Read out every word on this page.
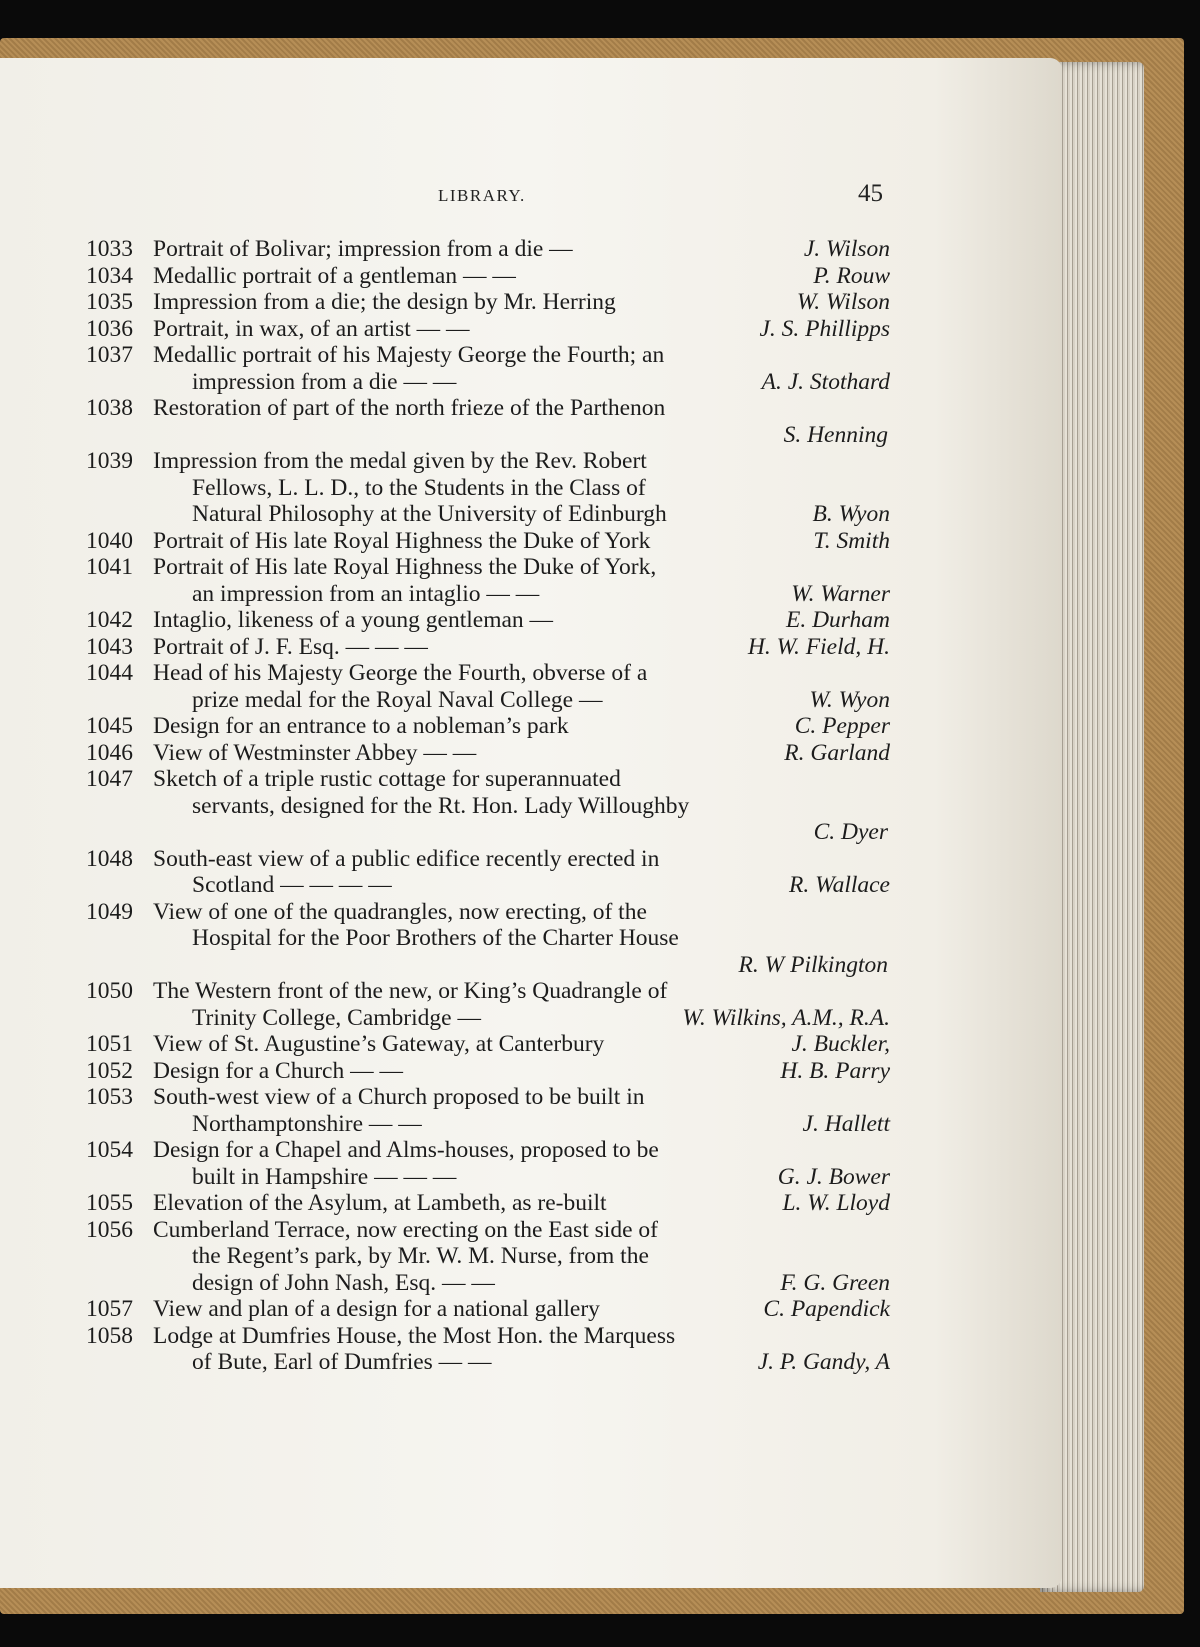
LIBRARY.	45
1033 Portrait of Bolivar; impression from a die —	J. Wilson
1034 Medallic portrait of a gentleman — —	P. Rouw
1035 Impression from a die; the design by Mr. Herring	W. Wilson
1036 Portrait, in wax, of an artist — —	J. S. Phillipps
1037 Medallic portrait of his Majesty George the Fourth; an
impression from a die — —	A. J. Stothard
1038 Restoration of part of the north frieze of the Parthenon
S. Henning
1039 Impression from the medal given by the Rev. Robert
Fellows, L. L. D., to the Students in the Class of
Natural Philosophy at the University of Edinburgh	B. Wyon
1040 Portrait of His late Royal Highness the Duke of York	T. Smith
1041 Portrait of His late Royal Highness the Duke of York,
an impression from an intaglio — —	W. Warner
1042 Intaglio, likeness of a young gentleman —	E. Durham
1043 Portrait of J. F. Esq. — — —	H. W. Field, H.
1044 Head of his Majesty George the Fourth, obverse of a
prize medal for the Royal Naval College —	W. Wyon
1045 Design for an entrance to a nobleman’s park	C. Pepper
1046 View of Westminster Abbey — —	R. Garland
1047 Sketch of a triple rustic cottage for superannuated
servants, designed for the Rt. Hon. Lady Willoughby
C. Dyer
1048 South-east view of a public edifice recently erected in
Scotland — — — —	R. Wallace
1049 View of one of the quadrangles, now erecting, of the
Hospital for the Poor Brothers of the Charter House
R. W Pilkington
1050 The Western front of the new, or King’s Quadrangle of
Trinity College, Cambridge —	W. Wilkins, A.M., R.A.
1051 View of St. Augustine’s Gateway, at Canterbury	J. Buckler,
1052 Design for a Church — —	H. B. Parry
1053 South-west view of a Church proposed to be built in
Northamptonshire — —	J. Hallett
1054 Design for a Chapel and Alms-houses, proposed to be
built in Hampshire — — —	G. J. Bower
1055 Elevation of the Asylum, at Lambeth, as re-built	L. W. Lloyd
1056 Cumberland Terrace, now erecting on the East side of
the Regent’s park, by Mr. W. M. Nurse, from the
design of John Nash, Esq. — —	F. G. Green
1057 View and plan of a design for a national gallery	C. Papendick
1058 Lodge at Dumfries House, the Most Hon. the Marquess
of Bute, Earl of Dumfries — —	J. P. Gandy, A
